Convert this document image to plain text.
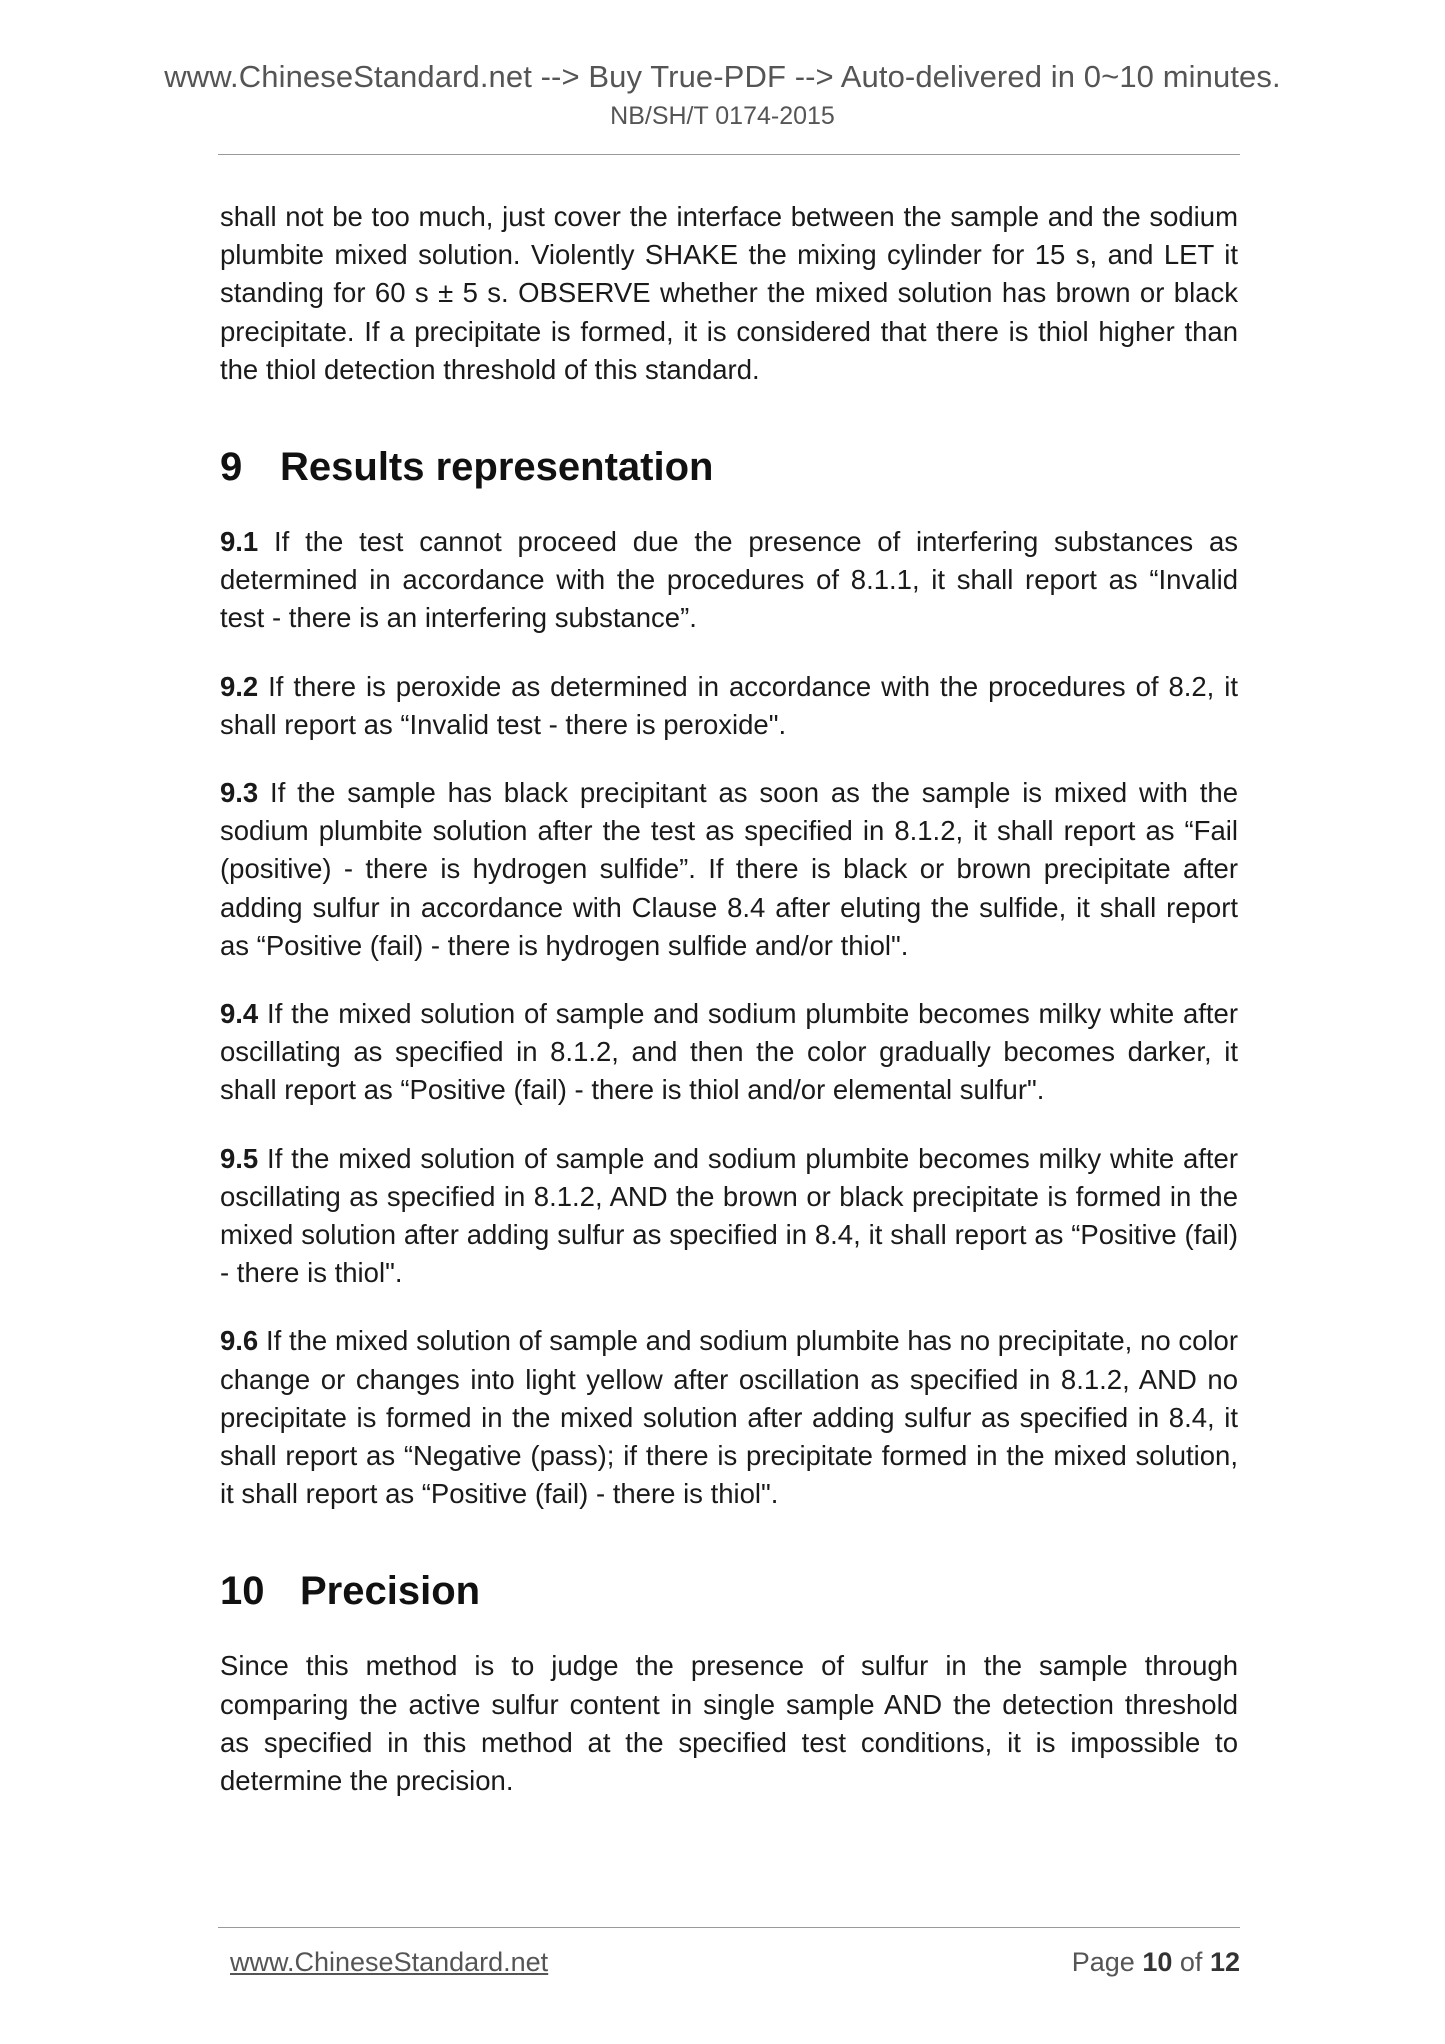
www.ChineseStandard.net --> Buy True-PDF --> Auto-delivered in 0~10 minutes.
NB/SH/T 0174-2015

shall not be too much, just cover the interface between the sample and the sodium plumbite mixed solution. Violently SHAKE the mixing cylinder for 15 s, and LET it standing for 60 s ± 5 s. OBSERVE whether the mixed solution has brown or black precipitate. If a precipitate is formed, it is considered that there is thiol higher than the thiol detection threshold of this standard.

9 Results representation

9.1 If the test cannot proceed due the presence of interfering substances as determined in accordance with the procedures of 8.1.1, it shall report as “Invalid test - there is an interfering substance”.

9.2 If there is peroxide as determined in accordance with the procedures of 8.2, it shall report as “Invalid test - there is peroxide".

9.3 If the sample has black precipitant as soon as the sample is mixed with the sodium plumbite solution after the test as specified in 8.1.2, it shall report as “Fail (positive) - there is hydrogen sulfide”. If there is black or brown precipitate after adding sulfur in accordance with Clause 8.4 after eluting the sulfide, it shall report as “Positive (fail) - there is hydrogen sulfide and/or thiol".

9.4 If the mixed solution of sample and sodium plumbite becomes milky white after oscillating as specified in 8.1.2, and then the color gradually becomes darker, it shall report as “Positive (fail) - there is thiol and/or elemental sulfur".

9.5 If the mixed solution of sample and sodium plumbite becomes milky white after oscillating as specified in 8.1.2, AND the brown or black precipitate is formed in the mixed solution after adding sulfur as specified in 8.4, it shall report as “Positive (fail) - there is thiol".

9.6 If the mixed solution of sample and sodium plumbite has no precipitate, no color change or changes into light yellow after oscillation as specified in 8.1.2, AND no precipitate is formed in the mixed solution after adding sulfur as specified in 8.4, it shall report as “Negative (pass); if there is precipitate formed in the mixed solution, it shall report as “Positive (fail) - there is thiol".

10 Precision

Since this method is to judge the presence of sulfur in the sample through comparing the active sulfur content in single sample AND the detection threshold as specified in this method at the specified test conditions, it is impossible to determine the precision.

www.ChineseStandard.net	Page 10 of 12
